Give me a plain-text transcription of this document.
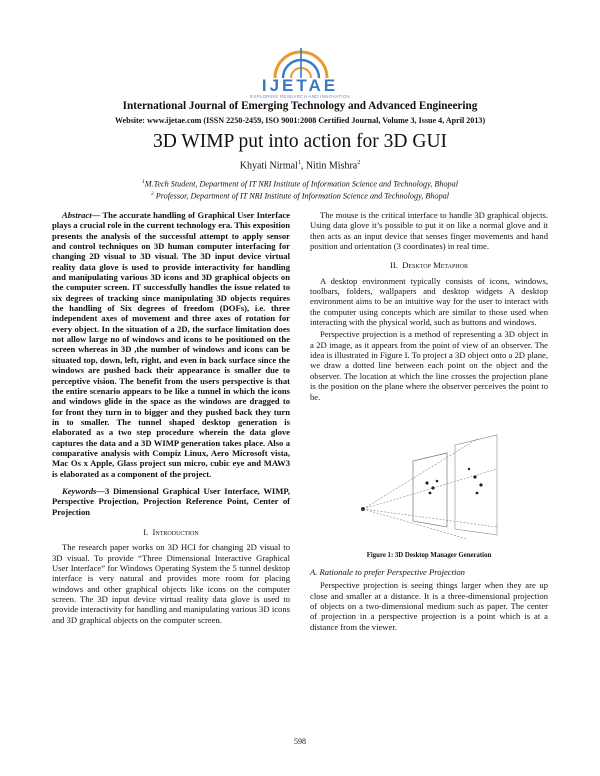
IJETAE
EXPLORING RESEARCH AND INNOVATION
International Journal of Emerging Technology and Advanced Engineering
Website: www.ijetae.com (ISSN 2250-2459, ISO 9001:2008 Certified Journal, Volume 3, Issue 4, April 2013)
3D WIMP put into action for 3D GUI
Khyati Nirmal$^1$, Nitin Mishra$^2$
$^1$M.Tech Student, Department of IT NRI Institute of Information Science and Technology, Bhopal
$^2$ Professor, Department of IT NRI Institute of Information Science and Technology, Bhopal

Abstract— The accurate handling of Graphical User Interface plays a crucial role in the current technology era. This exposition presents the analysis of the successful attempt to apply sensor and control techniques on 3D human computer interfacing for changing 2D visual to 3D visual. The 3D input device virtual reality data glove is used to provide interactivity for handling and manipulating various 3D icons and 3D graphical objects on the computer screen. IT successfully handles the issue related to six degrees of tracking since manipulating 3D objects requires the handling of Six degrees of freedom (DOFs), i.e. three independent axes of movement and three axes of rotation for every object. In the situation of a 2D, the surface limitation does not allow large no of windows and icons to be positioned on the screen whereas in 3D ,the number of windows and icons can be situated top, down, left, right, and even in back surface since the windows are pushed back their appearance is smaller due to perceptive vision. The benefit from the users perspective is that the entire scenario appears to be like a tunnel in which the icons and windows glide in the space as the windows are dragged to for front they turn in to bigger and they pushed back they turn in to smaller. The tunnel shaped desktop generation is elaborated as a two step procedure wherein the data glove captures the data and a 3D WIMP generation takes place. Also a comparative analysis with Compiz Linux, Aero Microsoft vista, Mac Os x Apple, Glass project sun micro, cubic eye and MAW3 is elaborated as a component of the project.

Keywords—3 Dimensional Graphical User Interface, WIMP, Perspective Projection, Projection Reference Point, Center of Projection

I. Introduction

The research paper works on 3D HCI for changing 2D visual to 3D visual. To provide “Three Dimensional Interactive Graphical User Interface” for Windows Operating System the 5 tunnel desktop interface is very natural and provides more room for placing windows and other graphical objects like icons on the computer screen. The 3D input device virtual reality data glove is used to provide interactivity for handling and manipulating various 3D icons and 3D graphical objects on the computer screen.

The mouse is the critical interface to handle 3D graphical objects. Using data glove it’s possible to put it on like a normal glove and it then acts as an input device that senses finger movements and hand position and orientation (3 coordinates) in real time.

II. Desktop Metaphor

A desktop environment typically consists of icons, windows, toolbars, folders, wallpapers and desktop widgets A desktop environment aims to be an intuitive way for the user to interact with the computer using concepts which are similar to those used when interacting with the physical world, such as buttons and windows.

Perspective projection is a method of representing a 3D object in a 2D image, as it appears from the point of view of an observer. The idea is illustrated in Figure I. To project a 3D object onto a 2D plane, we draw a dotted line between each point on the object and the observer. The location at which the line crosses the projection plane is the position on the plane where the observer perceives the point to be.

Figure 1: 3D Desktop Manager Generation

A. Rationale to prefer Perspective Projection

Perspective projection is seeing things larger when they are up close and smaller at a distance. It is a three-dimensional projection of objects on a two-dimensional medium such as paper. The center of projection in a perspective projection is a point which is at a distance from the viewer.

598
